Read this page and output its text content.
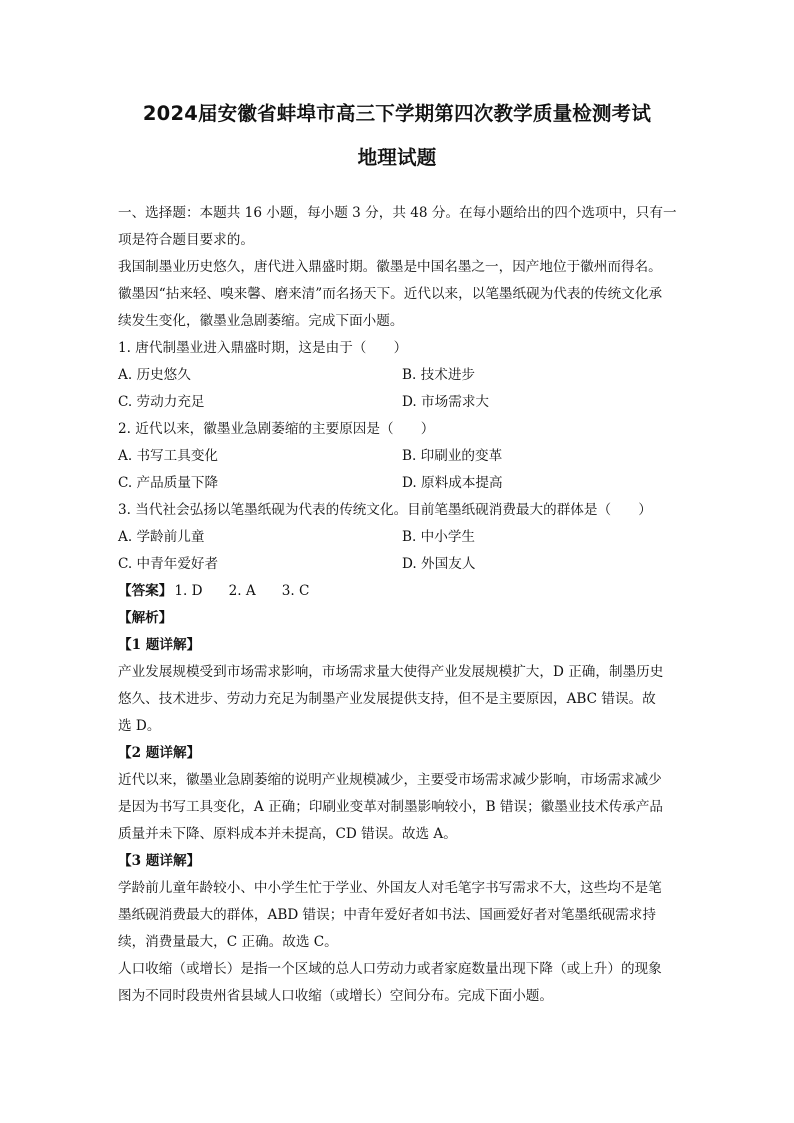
2024届安徽省蚌埠市高三下学期第四次教学质量检测考试
地理试题
一、选择题：本题共 16 小题，每小题 3 分，共 48 分。在每小题给出的四个选项中，只有一
项是符合题目要求的。
我国制墨业历史悠久，唐代进入鼎盛时期。徽墨是中国名墨之一，因产地位于徽州而得名。
徽墨因“拈来轻、嗅来馨、磨来清”而名扬天下。近代以来，以笔墨纸砚为代表的传统文化承
续发生变化，徽墨业急剧萎缩。完成下面小题。
1. 唐代制墨业进入鼎盛时期，这是由于（　　）
A. 历史悠久	B. 技术进步
C. 劳动力充足	D. 市场需求大
2. 近代以来，徽墨业急剧萎缩的主要原因是（　　）
A. 书写工具变化	B. 印刷业的变革
C. 产品质量下降	D. 原料成本提高
3. 当代社会弘扬以笔墨纸砚为代表的传统文化。目前笔墨纸砚消费最大的群体是（　　）
A. 学龄前儿童	B. 中小学生
C. 中青年爱好者	D. 外国友人
【答案】 1. D 2. A 3. C
【解析】
【1 题详解】
产业发展规模受到市场需求影响，市场需求量大使得产业发展规模扩大，D 正确，制墨历史
悠久、技术进步、劳动力充足为制墨产业发展提供支持，但不是主要原因，ABC 错误。故
选 D。
【2 题详解】
近代以来，徽墨业急剧萎缩的说明产业规模减少，主要受市场需求减少影响，市场需求减少
是因为书写工具变化，A 正确；印刷业变革对制墨影响较小，B 错误；徽墨业技术传承产品
质量并未下降、原料成本并未提高，CD 错误。故选 A。
【3 题详解】
学龄前儿童年龄较小、中小学生忙于学业、外国友人对毛笔字书写需求不大，这些均不是笔
墨纸砚消费最大的群体，ABD 错误；中青年爱好者如书法、国画爱好者对笔墨纸砚需求持
续，消费量最大，C 正确。故选 C。
人口收缩（或增长）是指一个区域的总人口劳动力或者家庭数量出现下降（或上升）的现象
图为不同时段贵州省县域人口收缩（或增长）空间分布。完成下面小题。
